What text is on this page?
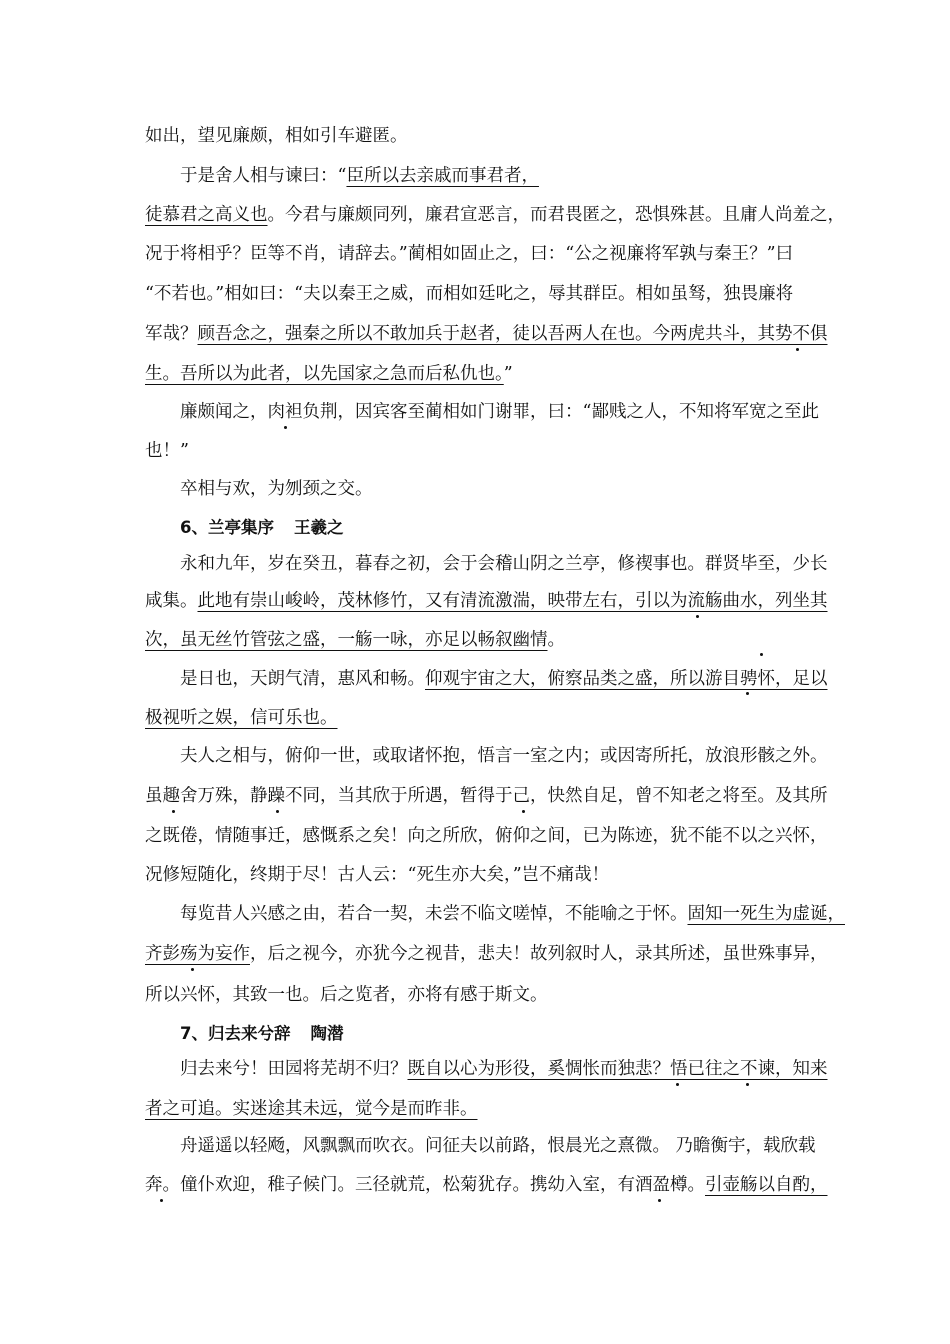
如出，望见廉颇，相如引车避匿。
于是舍人相与谏曰：“臣所以去亲戚而事君者，
徒慕君之高义也。今君与廉颇同列，廉君宣恶言，而君畏匿之，恐惧殊甚。且庸人尚羞之，
况于将相乎？臣等不肖，请辞去。”蔺相如固止之，曰：“公之视廉将军孰与秦王？”曰
“不若也。”相如曰：“夫以秦王之威，而相如廷叱之，辱其群臣。相如虽驽，独畏廉将
军哉？顾吾念之，强秦之所以不敢加兵于赵者，徒以吾两人在也。今两虎共斗，其势不俱
生。吾所以为此者，以先国家之急而后私仇也。”
廉颇闻之，肉袒负荆，因宾客至蔺相如门谢罪，曰：“鄙贱之人，不知将军宽之至此
也！”
卒相与欢，为刎颈之交。
6、兰亭集序 王羲之
永和九年，岁在癸丑，暮春之初，会于会稽山阴之兰亭，修禊事也。群贤毕至，少长
咸集。此地有崇山峻岭，茂林修竹，又有清流激湍，映带左右，引以为流觞曲水，列坐其
次，虽无丝竹管弦之盛，一觞一咏，亦足以畅叙幽情。
是日也，天朗气清，惠风和畅。仰观宇宙之大，俯察品类之盛，所以游目骋怀，足以
极视听之娱，信可乐也。
夫人之相与，俯仰一世，或取诸怀抱，悟言一室之内；或因寄所托，放浪形骸之外。
虽趣舍万殊，静躁不同，当其欣于所遇，暂得于己，快然自足，曾不知老之将至。及其所
之既倦，情随事迁，感慨系之矣！向之所欣，俯仰之间，已为陈迹，犹不能不以之兴怀，
况修短随化，终期于尽！古人云：“死生亦大矣，”岂不痛哉！
每览昔人兴感之由，若合一契，未尝不临文嗟悼，不能喻之于怀。固知一死生为虚诞，
齐彭殇为妄作，后之视今，亦犹今之视昔，悲夫！故列叙时人，录其所述，虽世殊事异，
所以兴怀，其致一也。后之览者，亦将有感于斯文。
7、归去来兮辞 陶潜
归去来兮！田园将芜胡不归？既自以心为形役，奚惆怅而独悲？悟已往之不谏，知来
者之可追。实迷途其未远，觉今是而昨非。
舟遥遥以轻飏，风飘飘而吹衣。问征夫以前路，恨晨光之熹微。 乃瞻衡宇，载欣载
奔。僮仆欢迎，稚子候门。三径就荒，松菊犹存。携幼入室，有酒盈樽。引壶觞以自酌，
